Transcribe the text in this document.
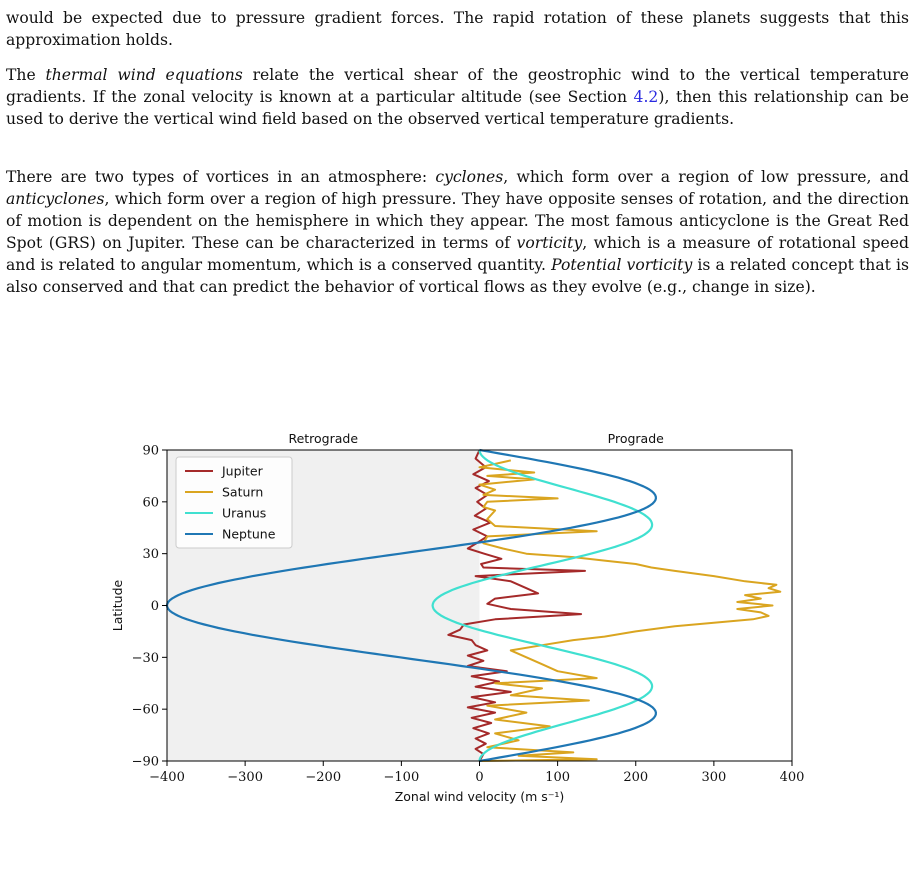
would be expected due to pressure gradient forces. The rapid rotation of these planets suggests that this approximation holds.

The thermal wind equations relate the vertical shear of the geostrophic wind to the vertical temperature gradients. If the zonal velocity is known at a particular altitude (see Section 4.2), then this relationship can be used to derive the vertical wind field based on the observed vertical temperature gradients.

There are two types of vortices in an atmosphere: cyclones, which form over a region of low pressure, and anticyclones, which form over a region of high pressure. They have opposite senses of rotation, and the direction of motion is dependent on the hemisphere in which they appear. The most famous anticyclone is the Great Red Spot (GRS) on Jupiter. These can be characterized in terms of vorticity, which is a measure of rotational speed and is related to angular momentum, which is a conserved quantity. Potential vorticity is a related concept that is also conserved and that can predict the behavior of vortical flows as they evolve (e.g., change in size).

−400	−300	−200	−100	0	100	200	300	400
−90
−60
−30
0
30
60
90
Retrograde	Prograde
Zonal wind velocity (m s⁻¹)
Latitude
Jupiter
Saturn
Uranus
Neptune
